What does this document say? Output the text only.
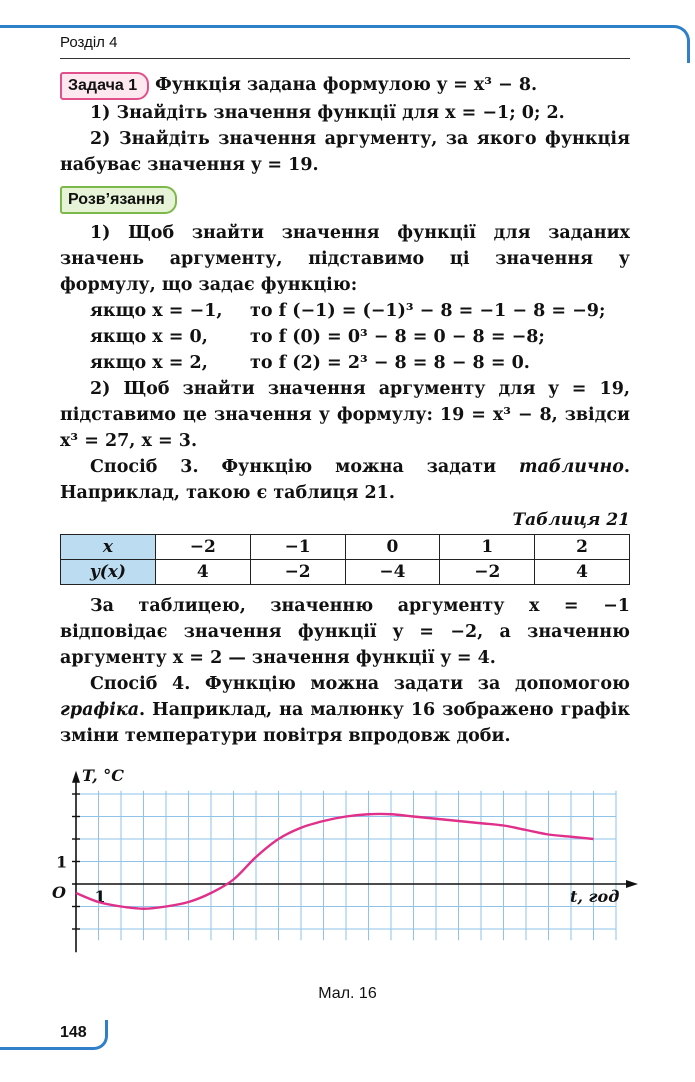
Розділ 4

Задача 1 Функція задана формулою y = x³ − 8.

1) Знайдіть значення функції для x = −1; 0; 2.

2) Знайдіть значення аргументу, за якого функція набуває значення y = 19.

Розв’язання

1) Щоб знайти значення функції для заданих значень аргументу, підставимо ці значення у формулу, що задає функцію:

якщо x = −1,	то f (−1) = (−1)³ − 8 = −1 − 8 = −9;
якщо x = 0,	то f (0) = 0³ − 8 = 0 − 8 = −8;
якщо x = 2,	то f (2) = 2³ − 8 = 8 − 8 = 0.

2) Щоб знайти значення аргументу для y = 19, підставимо це значення у формулу: 19 = x³ − 8, звідси x³ = 27, x = 3.

Спосіб 3. Функцію можна задати таблично. Наприклад, такою є таблиця 21.

Таблиця 21
x	−2	−1	0	1	2
y(x)	4	−2	−4	−2	4

За таблицею, значенню аргументу x = −1 відповідає значення функції y = −2, а значенню аргументу x = 2 — значення функції y = 4.

Спосіб 4. Функцію можна задати за допомогою графіка. Наприклад, на малюнку 16 зображено графік зміни температури повітря впродовж доби.

T, °C
O 1
1
t, год
Мал. 16
148
